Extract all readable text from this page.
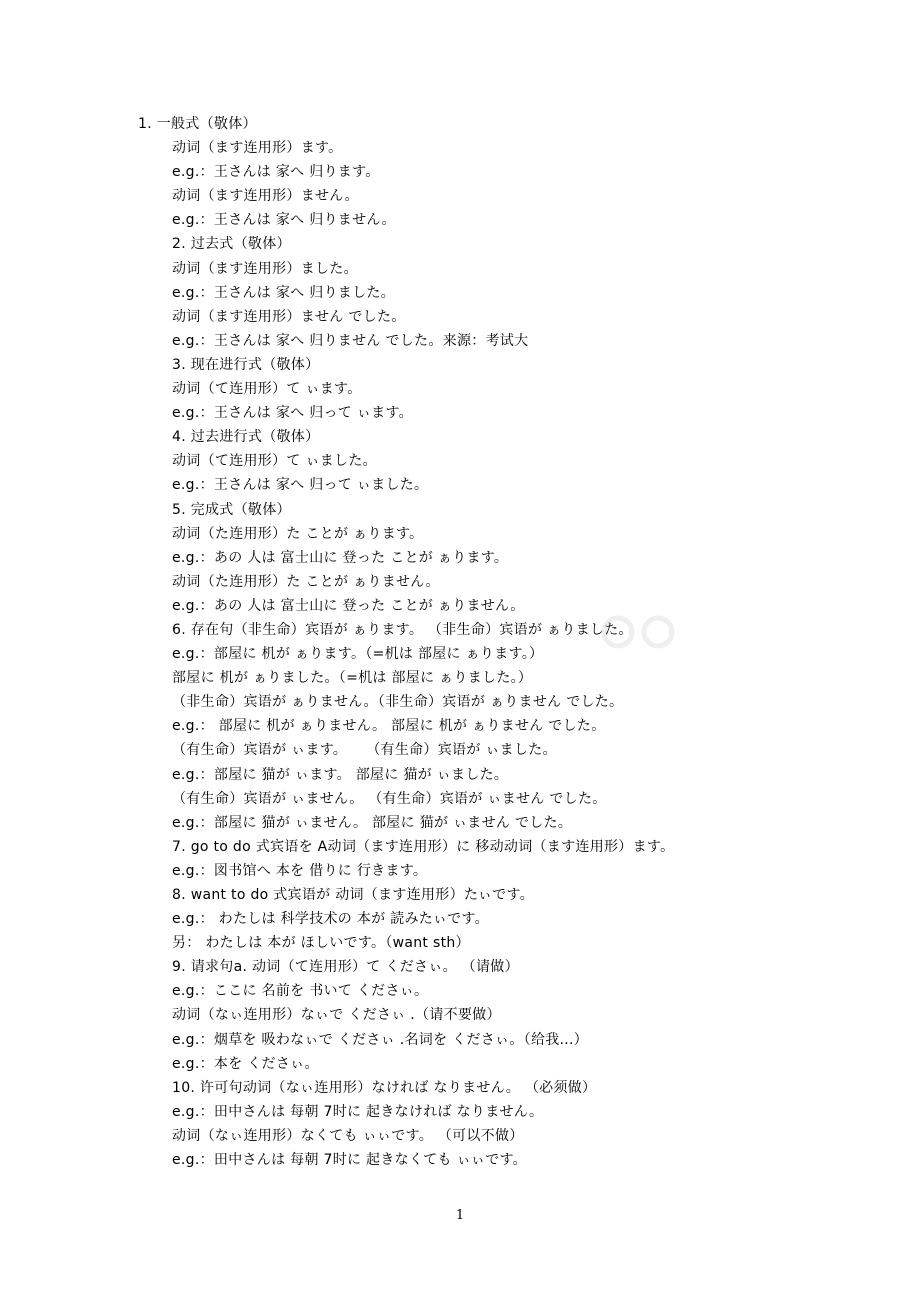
1. 一般式（敬体）
动词（ます连用形）ます。
e.g.：王さんは 家へ 归ります。
动词（ます连用形）ません。
e.g.：王さんは 家へ 归りません。
2. 过去式（敬体）
动词（ます连用形）ました。
e.g.：王さんは 家へ 归りました。
动词（ます连用形）ません でした。
e.g.：王さんは 家へ 归りません でした。来源：考试大
3. 现在进行式（敬体）
动词（て连用形）て ぃます。
e.g.：王さんは 家へ 归って ぃます。
4. 过去进行式（敬体）
动词（て连用形）て ぃました。
e.g.：王さんは 家へ 归って ぃました。
5. 完成式（敬体）
动词（た连用形）た ことが ぁります。
e.g.：あの 人は 富士山に 登った ことが ぁります。
动词（た连用形）た ことが ぁりません。
e.g.：あの 人は 富士山に 登った ことが ぁりません。
6. 存在句（非生命）宾语が ぁります。 （非生命）宾语が ぁりました。
e.g.：部屋に 机が ぁります。（=机は 部屋に ぁります。）
部屋に 机が ぁりました。（=机は 部屋に ぁりました。）
（非生命）宾语が ぁりません。（非生命）宾语が ぁりません でした。
e.g.： 部屋に 机が ぁりません。 部屋に 机が ぁりません でした。
（有生命）宾语が ぃます。    （有生命）宾语が ぃました。
e.g.：部屋に 猫が ぃます。 部屋に 猫が ぃました。
（有生命）宾语が ぃません。 （有生命）宾语が ぃません でした。
e.g.：部屋に 猫が ぃません。 部屋に 猫が ぃません でした。
7. go to do 式宾语を A动词（ます连用形）に 移动动词（ます连用形）ます。
e.g.：図书馆へ 本を 借りに 行きます。
8. want to do 式宾语が 动词（ます连用形）たぃです。
e.g.： わたしは 科学技术の 本が 読みたぃです。
另： わたしは 本が ほしいです。（want sth）
9. 请求句a. 动词（て连用形）て くださぃ。 （请做）
e.g.：ここに 名前を 书いて くださぃ。
动词（なぃ连用形）なぃで くださぃ .（请不要做）
e.g.：烟草を 吸わなぃで くださぃ .名词を くださぃ。（给我...）
e.g.：本を くださぃ。
10. 许可句动词（なぃ连用形）なければ なりません。 （必须做）
e.g.：田中さんは 每朝 7时に 起きなければ なりません。
动词（なぃ连用形）なくても ぃぃです。 （可以不做）
e.g.：田中さんは 每朝 7时に 起きなくても ぃぃです。
1
